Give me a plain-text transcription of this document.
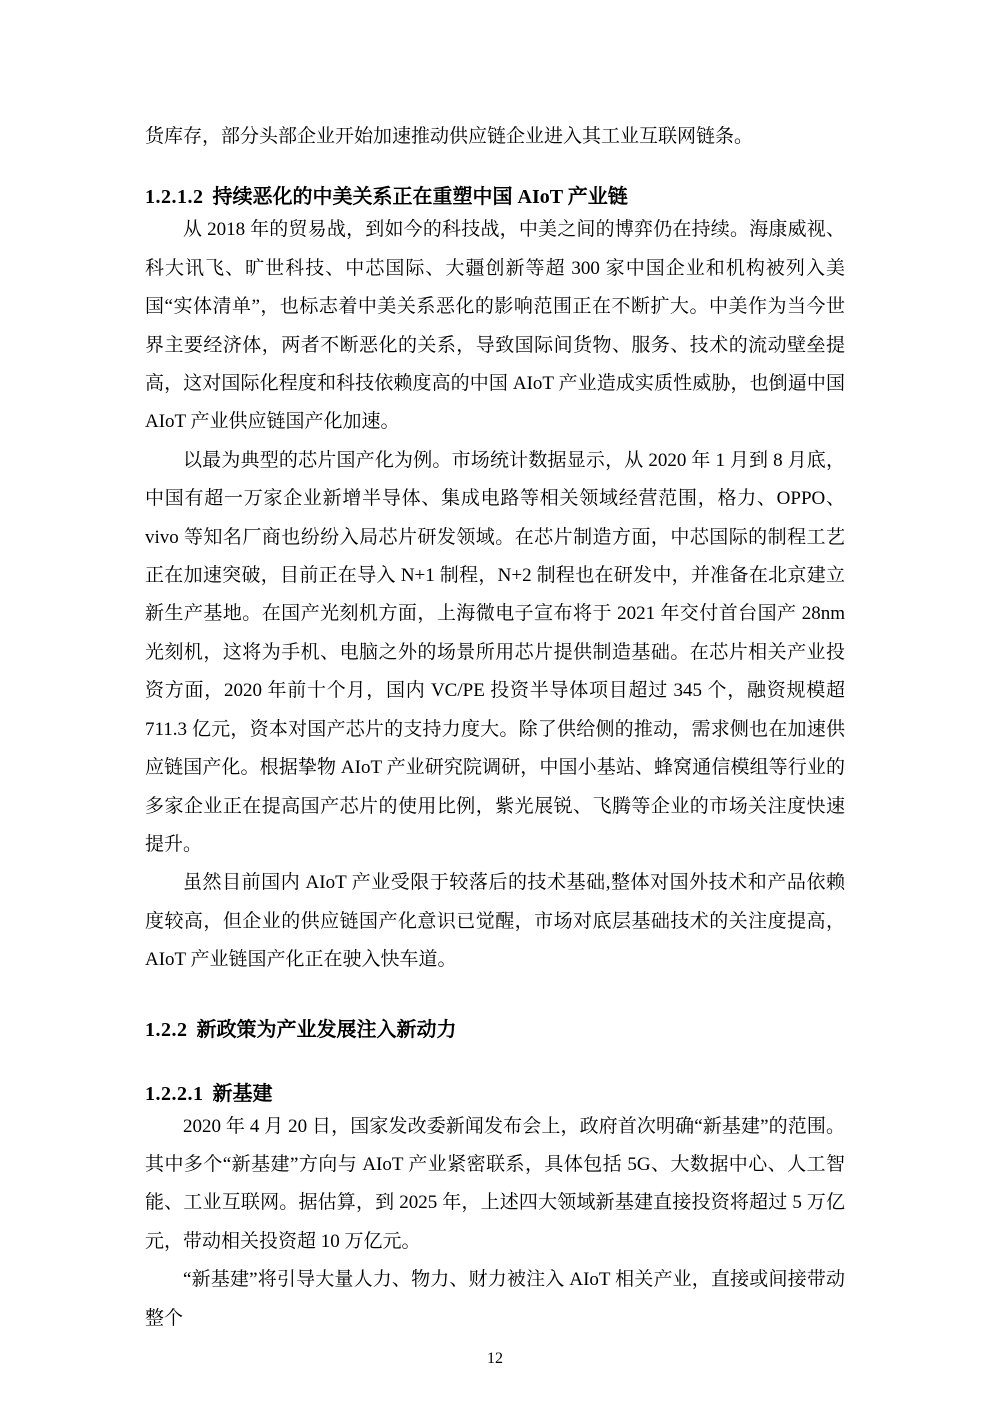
货库存，部分头部企业开始加速推动供应链企业进入其工业互联网链条。

1.2.1.2 持续恶化的中美关系正在重塑中国 AIoT 产业链

从 2018 年的贸易战，到如今的科技战，中美之间的博弈仍在持续。海康威视、科大讯飞、旷世科技、中芯国际、大疆创新等超 300 家中国企业和机构被列入美国“实体清单”，也标志着中美关系恶化的影响范围正在不断扩大。中美作为当今世界主要经济体，两者不断恶化的关系，导致国际间货物、服务、技术的流动壁垒提高，这对国际化程度和科技依赖度高的中国 AIoT 产业造成实质性威胁，也倒逼中国 AIoT 产业供应链国产化加速。

以最为典型的芯片国产化为例。市场统计数据显示，从 2020 年 1 月到 8 月底，中国有超一万家企业新增半导体、集成电路等相关领域经营范围，格力、OPPO、vivo 等知名厂商也纷纷入局芯片研发领域。在芯片制造方面，中芯国际的制程工艺正在加速突破，目前正在导入 N+1 制程，N+2 制程也在研发中，并准备在北京建立新生产基地。在国产光刻机方面，上海微电子宣布将于 2021 年交付首台国产 28nm 光刻机，这将为手机、电脑之外的场景所用芯片提供制造基础。在芯片相关产业投资方面，2020 年前十个月，国内 VC/PE 投资半导体项目超过 345 个，融资规模超 711.3 亿元，资本对国产芯片的支持力度大。除了供给侧的推动，需求侧也在加速供应链国产化。根据挚物 AIoT 产业研究院调研，中国小基站、蜂窝通信模组等行业的多家企业正在提高国产芯片的使用比例，紫光展锐、飞腾等企业的市场关注度快速提升。

虽然目前国内 AIoT 产业受限于较落后的技术基础,整体对国外技术和产品依赖度较高，但企业的供应链国产化意识已觉醒，市场对底层基础技术的关注度提高，AIoT 产业链国产化正在驶入快车道。

1.2.2 新政策为产业发展注入新动力
1.2.2.1 新基建

2020 年 4 月 20 日，国家发改委新闻发布会上，政府首次明确“新基建”的范围。其中多个“新基建”方向与 AIoT 产业紧密联系，具体包括 5G、大数据中心、人工智能、工业互联网。据估算，到 2025 年，上述四大领域新基建直接投资将超过 5 万亿元，带动相关投资超 10 万亿元。

“新基建”将引导大量人力、物力、财力被注入 AIoT 相关产业，直接或间接带动整个

12
